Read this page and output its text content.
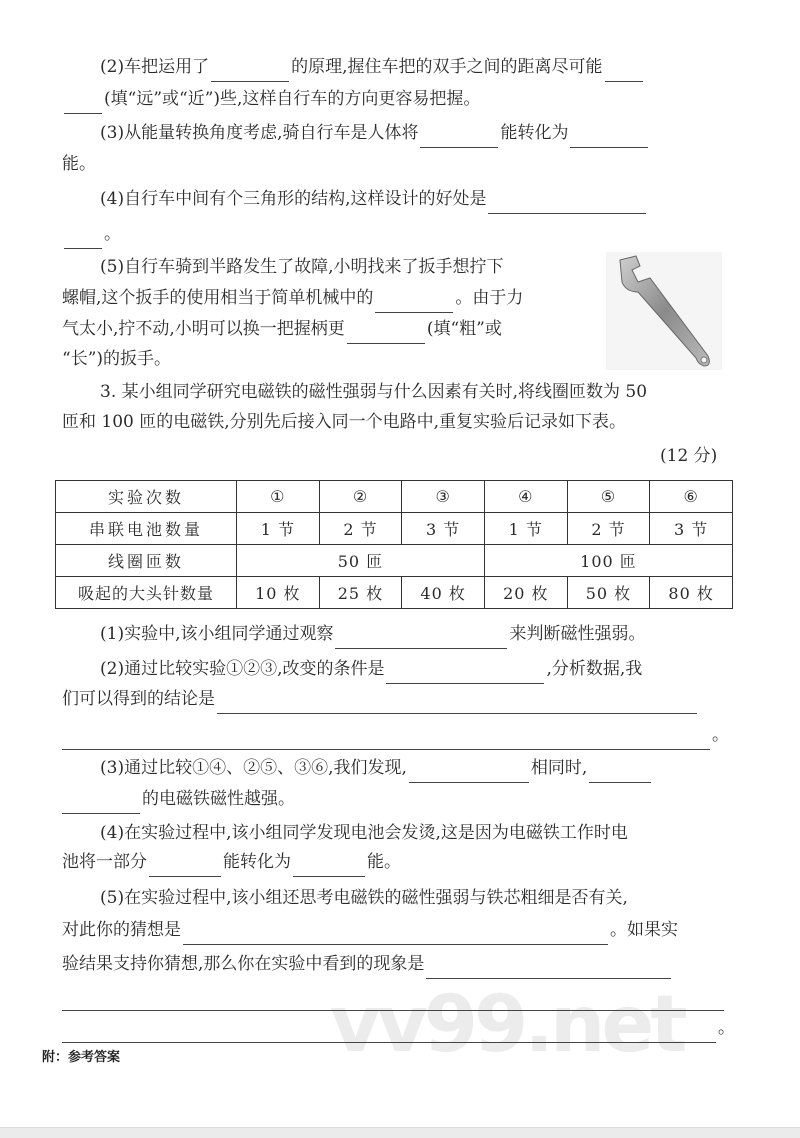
(2)车把运用了	的原理,握住车把的双手之间的距离尽可能
(填“远”或“近”)些,这样自行车的方向更容易把握。
(3)从能量转换角度考虑,骑自行车是人体将	能转化为
能。
(4)自行车中间有个三角形的结构,这样设计的好处是
。
(5)自行车骑到半路发生了故障,小明找来了扳手想拧下
螺帽,这个扳手的使用相当于简单机械中的	。由于力
气太小,拧不动,小明可以换一把握柄更	(填“粗”或
“长”)的扳手。
3. 某小组同学研究电磁铁的磁性强弱与什么因素有关时,将线圈匝数为 50
匝和 100 匝的电磁铁,分别先后接入同一个电路中,重复实验后记录如下表。
(12 分)
实验次数	①	②	③	④	⑤	⑥
串联电池数量	1 节	2 节	3 节	1 节	2 节	3 节
线圈匝数	50 匝			100 匝		
吸起的大头针数量	10 枚	25 枚	40 枚	20 枚	50 枚	80 枚
(1)实验中,该小组同学通过观察	来判断磁性强弱。
(2)通过比较实验①②③,改变的条件是	,分析数据,我
们可以得到的结论是
。
(3)通过比较①④、②⑤、③⑥,我们发现,	相同时,
的电磁铁磁性越强。
(4)在实验过程中,该小组同学发现电池会发烫,这是因为电磁铁工作时电
池将一部分	能转化为	能。
(5)在实验过程中,该小组还思考电磁铁的磁性强弱与铁芯粗细是否有关,
对此你的猜想是	。如果实
验结果支持你猜想,那么你在实验中看到的现象是
vv99.net 。
附：参考答案
